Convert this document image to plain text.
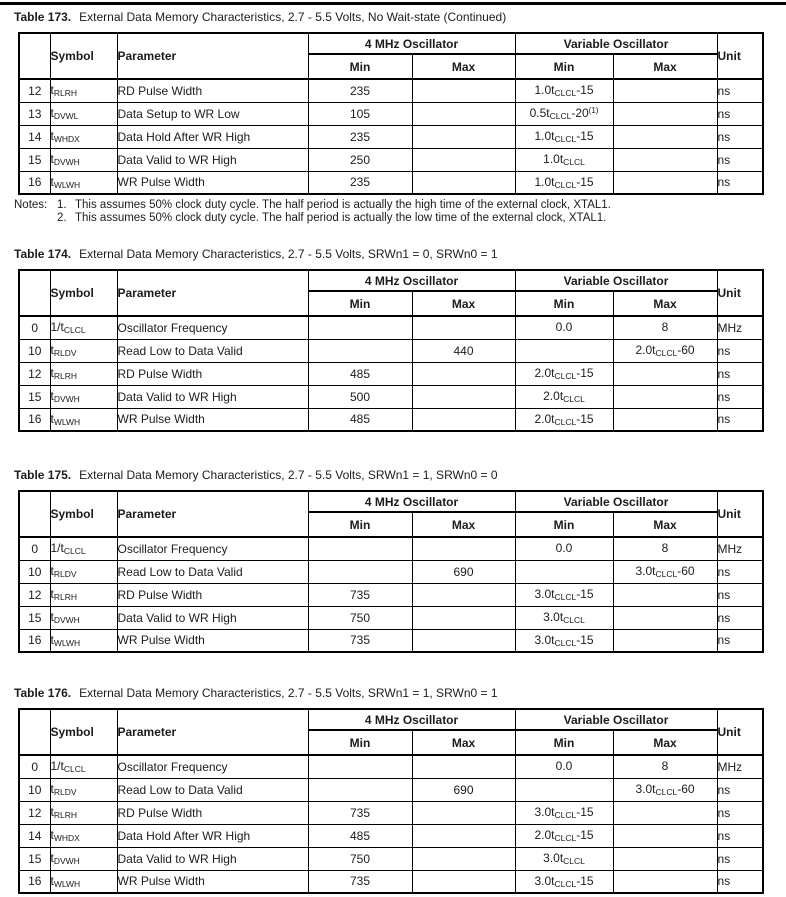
Table 173. External Data Memory Characteristics, 2.7 - 5.5 Volts, No Wait-state (Continued)

	Symbol	Parameter	4 MHz Oscillator		Variable Oscillator		Unit
			Min	Max	Min	Max	
12	$t_{RLRH}$	RD Pulse Width	235		$1.0t_{CLCL}-15$		ns
13	$t_{DVWL}$	Data Setup to WR Low	105		$0.5t_{CLCL}-20^{(1)}$		ns
14	$t_{WHDX}$	Data Hold After WR High	235		$1.0t_{CLCL}-15$		ns
15	$t_{DVWH}$	Data Valid to WR High	250		$1.0t_{CLCL}$		ns
16	$t_{WLWH}$	WR Pulse Width	235		$1.0t_{CLCL}-15$		ns
Notes: 1. This assumes 50% clock duty cycle. The half period is actually the high time of the external clock, XTAL1.
2. This assumes 50% clock duty cycle. The half period is actually the low time of the external clock, XTAL1.

Table 174. External Data Memory Characteristics, 2.7 - 5.5 Volts, SRWn1 = 0, SRWn0 = 1

	Symbol	Parameter	4 MHz Oscillator		Variable Oscillator		Unit
			Min	Max	Min	Max	
0	$1/t_{CLCL}$	Oscillator Frequency			0.0	8	MHz
10	$t_{RLDV}$	Read Low to Data Valid		440		$2.0t_{CLCL}-60$	ns
12	$t_{RLRH}$	RD Pulse Width	485		$2.0t_{CLCL}-15$		ns
15	$t_{DVWH}$	Data Valid to WR High	500		$2.0t_{CLCL}$		ns
16	$t_{WLWH}$	WR Pulse Width	485		$2.0t_{CLCL}-15$		ns

Table 175. External Data Memory Characteristics, 2.7 - 5.5 Volts, SRWn1 = 1, SRWn0 = 0

	Symbol	Parameter	4 MHz Oscillator		Variable Oscillator		Unit
			Min	Max	Min	Max	
0	$1/t_{CLCL}$	Oscillator Frequency			0.0	8	MHz
10	$t_{RLDV}$	Read Low to Data Valid		690		$3.0t_{CLCL}-60$	ns
12	$t_{RLRH}$	RD Pulse Width	735		$3.0t_{CLCL}-15$		ns
15	$t_{DVWH}$	Data Valid to WR High	750		$3.0t_{CLCL}$		ns
16	$t_{WLWH}$	WR Pulse Width	735		$3.0t_{CLCL}-15$		ns

Table 176. External Data Memory Characteristics, 2.7 - 5.5 Volts, SRWn1 = 1, SRWn0 = 1

	Symbol	Parameter	4 MHz Oscillator		Variable Oscillator		Unit
			Min	Max	Min	Max	
0	$1/t_{CLCL}$	Oscillator Frequency			0.0	8	MHz
10	$t_{RLDV}$	Read Low to Data Valid		690		$3.0t_{CLCL}-60$	ns
12	$t_{RLRH}$	RD Pulse Width	735		$3.0t_{CLCL}-15$		ns
14	$t_{WHDX}$	Data Hold After WR High	485		$2.0t_{CLCL}-15$		ns
15	$t_{DVWH}$	Data Valid to WR High	750		$3.0t_{CLCL}$		ns
16	$t_{WLWH}$	WR Pulse Width	735		$3.0t_{CLCL}-15$		ns
